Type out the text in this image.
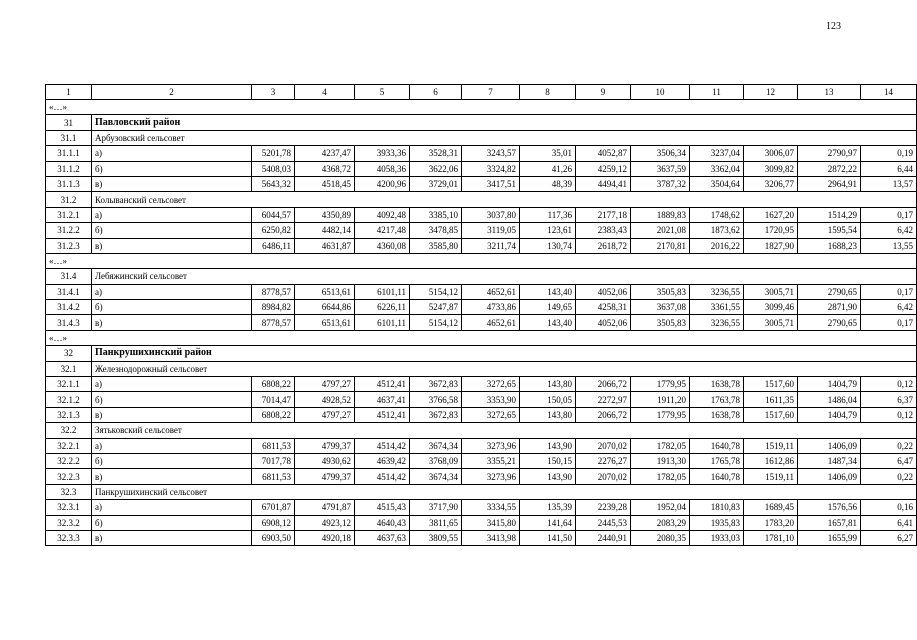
123
1	2	3	4	5	6	7	8	9	10	11	12	13	14
«…»													
31	Павловский район												
31.1	Арбузовский сельсовет												
31.1.1	а)	5201,78	4237,47	3933,36	3528,31	3243,57	35,01	4052,87	3506,34	3237,04	3006,07	2790,97	0,19
31.1.2	б)	5408,03	4368,72	4058,36	3622,06	3324,82	41,26	4259,12	3637,59	3362,04	3099,82	2872,22	6,44
31.1.3	в)	5643,32	4518,45	4200,96	3729,01	3417,51	48,39	4494,41	3787,32	3504,64	3206,77	2964,91	13,57
31.2	Колыванский сельсовет												
31.2.1	а)	6044,57	4350,89	4092,48	3385,10	3037,80	117,36	2177,18	1889,83	1748,62	1627,20	1514,29	0,17
31.2.2	б)	6250,82	4482,14	4217,48	3478,85	3119,05	123,61	2383,43	2021,08	1873,62	1720,95	1595,54	6,42
31.2.3	в)	6486,11	4631,87	4360,08	3585,80	3211,74	130,74	2618,72	2170,81	2016,22	1827,90	1688,23	13,55
«…»													
31.4	Лебяжинский сельсовет												
31.4.1	а)	8778,57	6513,61	6101,11	5154,12	4652,61	143,40	4052,06	3505,83	3236,55	3005,71	2790,65	0,17
31.4.2	б)	8984,82	6644,86	6226,11	5247,87	4733,86	149,65	4258,31	3637,08	3361,55	3099,46	2871,90	6,42
31.4.3	в)	8778,57	6513,61	6101,11	5154,12	4652,61	143,40	4052,06	3505,83	3236,55	3005,71	2790,65	0,17
«…»													
32	Панкрушихинский район												
32.1	Железнодорожный сельсовет												
32.1.1	а)	6808,22	4797,27	4512,41	3672,83	3272,65	143,80	2066,72	1779,95	1638,78	1517,60	1404,79	0,12
32.1.2	б)	7014,47	4928,52	4637,41	3766,58	3353,90	150,05	2272,97	1911,20	1763,78	1611,35	1486,04	6,37
32.1.3	в)	6808,22	4797,27	4512,41	3672,83	3272,65	143,80	2066,72	1779,95	1638,78	1517,60	1404,79	0,12
32.2	Зятьковский сельсовет												
32.2.1	а)	6811,53	4799,37	4514,42	3674,34	3273,96	143,90	2070,02	1782,05	1640,78	1519,11	1406,09	0,22
32.2.2	б)	7017,78	4930,62	4639,42	3768,09	3355,21	150,15	2276,27	1913,30	1765,78	1612,86	1487,34	6,47
32.2.3	в)	6811,53	4799,37	4514,42	3674,34	3273,96	143,90	2070,02	1782,05	1640,78	1519,11	1406,09	0,22
32.3	Панкрушихинский сельсовет												
32.3.1	а)	6701,87	4791,87	4515,43	3717,90	3334,55	135,39	2239,28	1952,04	1810,83	1689,45	1576,56	0,16
32.3.2	б)	6908,12	4923,12	4640,43	3811,65	3415,80	141,64	2445,53	2083,29	1935,83	1783,20	1657,81	6,41
32.3.3	в)	6903,50	4920,18	4637,63	3809,55	3413,98	141,50	2440,91	2080,35	1933,03	1781,10	1655,99	6,27
